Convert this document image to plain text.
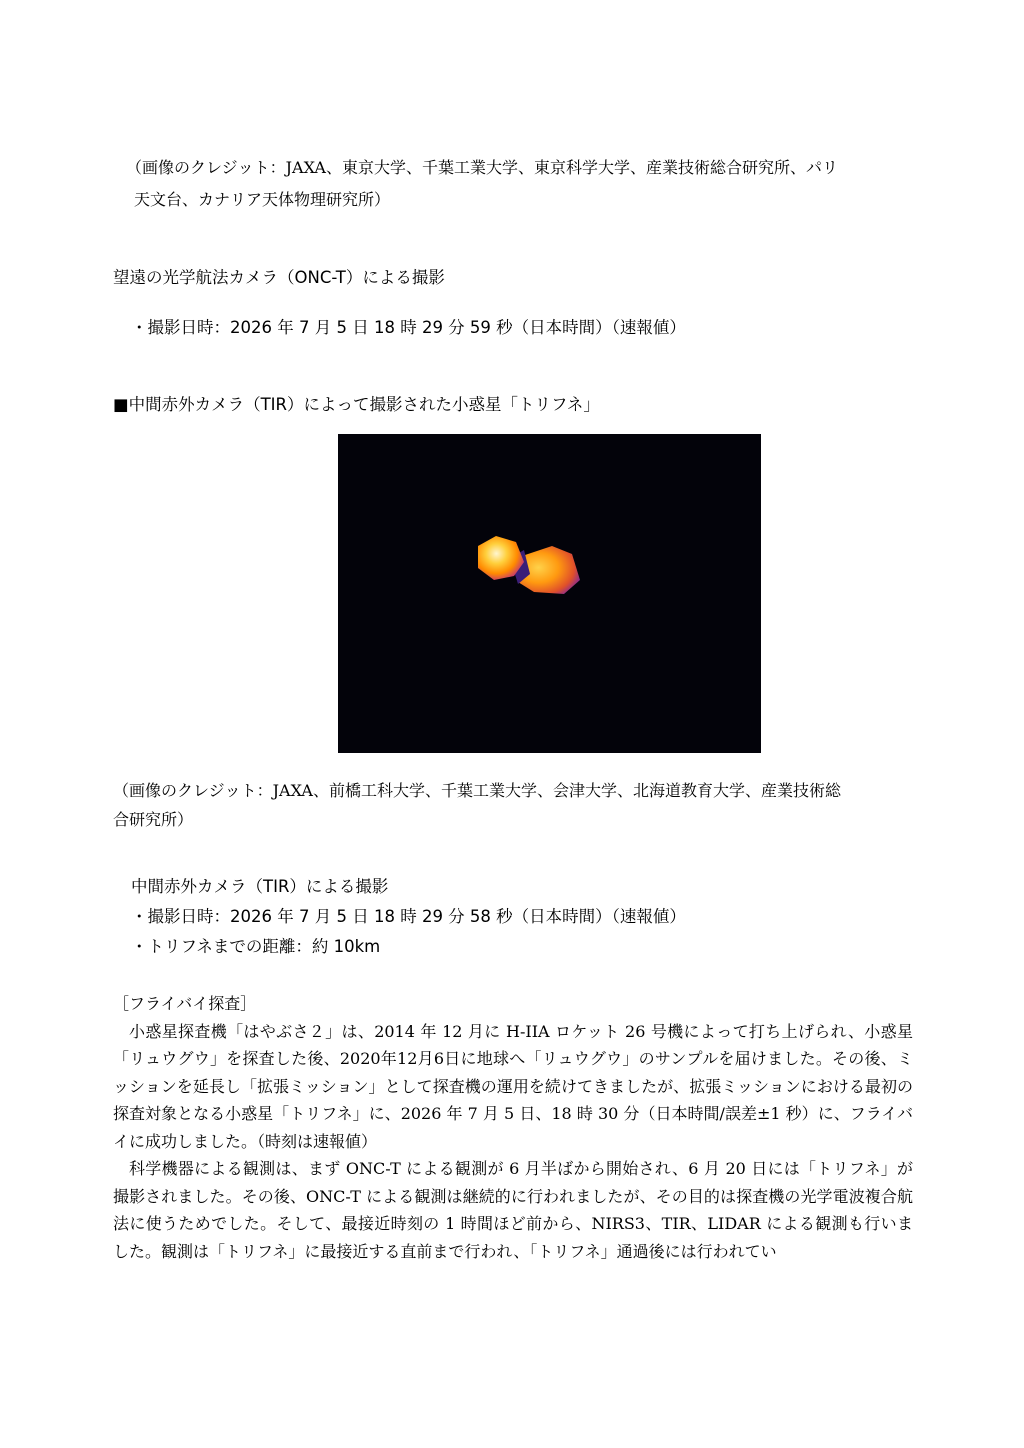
（画像のクレジット：JAXA、東京大学、千葉工業大学、東京科学大学、産業技術総合研究所、パリ
天文台、カナリア天体物理研究所）
望遠の光学航法カメラ（ONC-T）による撮影
・撮影日時：2026 年 7 月 5 日 18 時 29 分 59 秒（日本時間）（速報値）
■中間赤外カメラ（TIR）によって撮影された小惑星「トリフネ」
（画像のクレジット：JAXA、前橋工科大学、千葉工業大学、会津大学、北海道教育大学、産業技術総
合研究所）
中間赤外カメラ（TIR）による撮影
・撮影日時：2026 年 7 月 5 日 18 時 29 分 58 秒（日本時間）（速報値）
・トリフネまでの距離：約 10km
［フライバイ探査］

小惑星探査機「はやぶさ２」は、2014 年 12 月に H-IIA ロケット 26 号機によって打ち上げられ、小惑星「リュウグウ」を探査した後、2020年12月6日に地球へ「リュウグウ」のサンプルを届けました。その後、ミッションを延長し「拡張ミッション」として探査機の運用を続けてきましたが、拡張ミッションにおける最初の探査対象となる小惑星「トリフネ」に、2026 年 7 月 5 日、18 時 30 分（日本時間/誤差±1 秒）に、フライバイに成功しました。（時刻は速報値）

科学機器による観測は、まず ONC-T による観測が 6 月半ばから開始され、6 月 20 日には「トリフネ」が撮影されました。その後、ONC-T による観測は継続的に行われましたが、その目的は探査機の光学電波複合航法に使うためでした。そして、最接近時刻の 1 時間ほど前から、NIRS3、TIR、LIDAR による観測も行いました。観測は「トリフネ」に最接近する直前まで行われ、「トリフネ」通過後には行われてい
